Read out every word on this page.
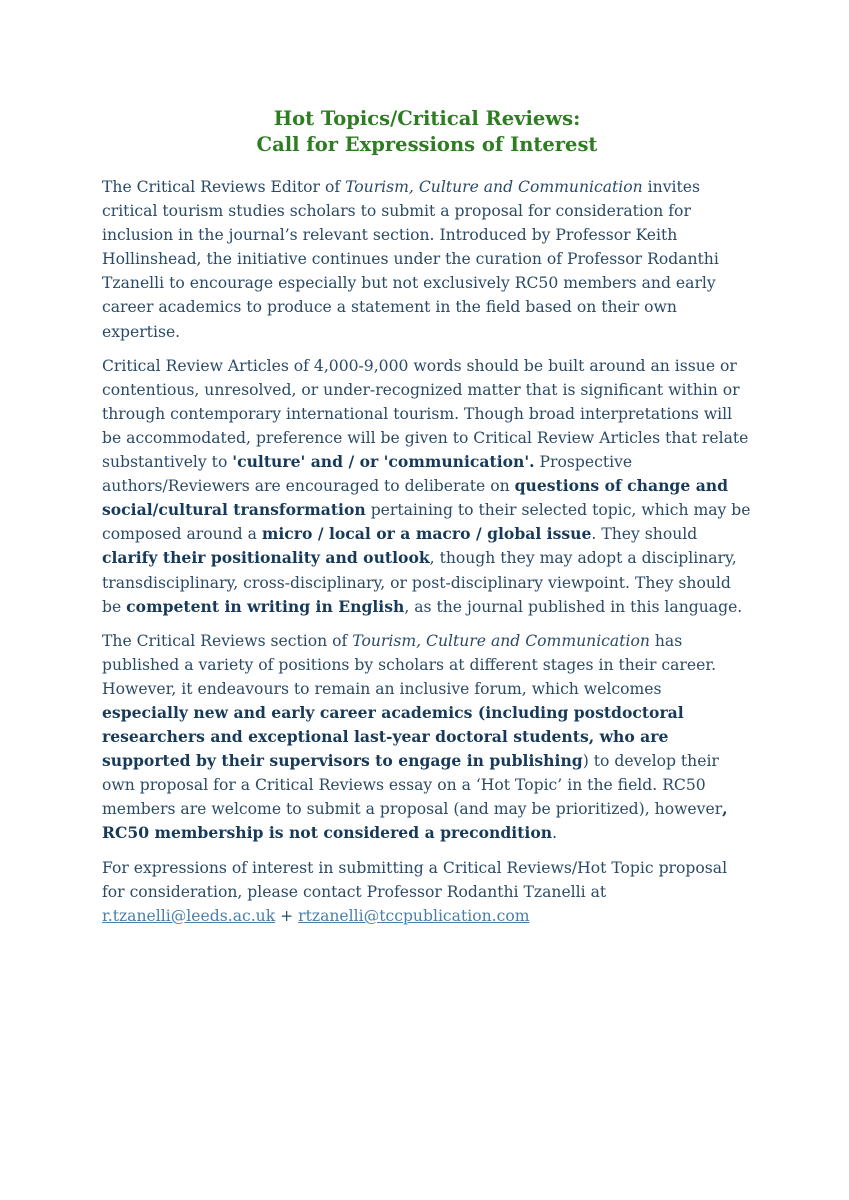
Hot Topics/Critical Reviews:
Call for Expressions of Interest

The Critical Reviews Editor of Tourism, Culture and Communication invites critical tourism studies scholars to submit a proposal for consideration for inclusion in the journal’s relevant section. Introduced by Professor Keith Hollinshead, the initiative continues under the curation of Professor Rodanthi Tzanelli to encourage especially but not exclusively RC50 members and early career academics to produce a statement in the field based on their own expertise.

Critical Review Articles of 4,000-9,000 words should be built around an issue or contentious, unresolved, or under-recognized matter that is significant within or through contemporary international tourism. Though broad interpretations will be accommodated, preference will be given to Critical Review Articles that relate substantively to 'culture' and / or 'communication'. Prospective authors/Reviewers are encouraged to deliberate on questions of change and social/cultural transformation pertaining to their selected topic, which may be composed around a micro / local or a macro / global issue. They should clarify their positionality and outlook, though they may adopt a disciplinary, transdisciplinary, cross-disciplinary, or post-disciplinary viewpoint. They should be competent in writing in English, as the journal published in this language.

The Critical Reviews section of Tourism, Culture and Communication has published a variety of positions by scholars at different stages in their career. However, it endeavours to remain an inclusive forum, which welcomes especially new and early career academics (including postdoctoral researchers and exceptional last-year doctoral students, who are supported by their supervisors to engage in publishing) to develop their own proposal for a Critical Reviews essay on a ‘Hot Topic’ in the field. RC50 members are welcome to submit a proposal (and may be prioritized), however, RC50 membership is not considered a precondition.

For expressions of interest in submitting a Critical Reviews/Hot Topic proposal for consideration, please contact Professor Rodanthi Tzanelli at r.tzanelli@leeds.ac.uk + rtzanelli@tccpublication.com
